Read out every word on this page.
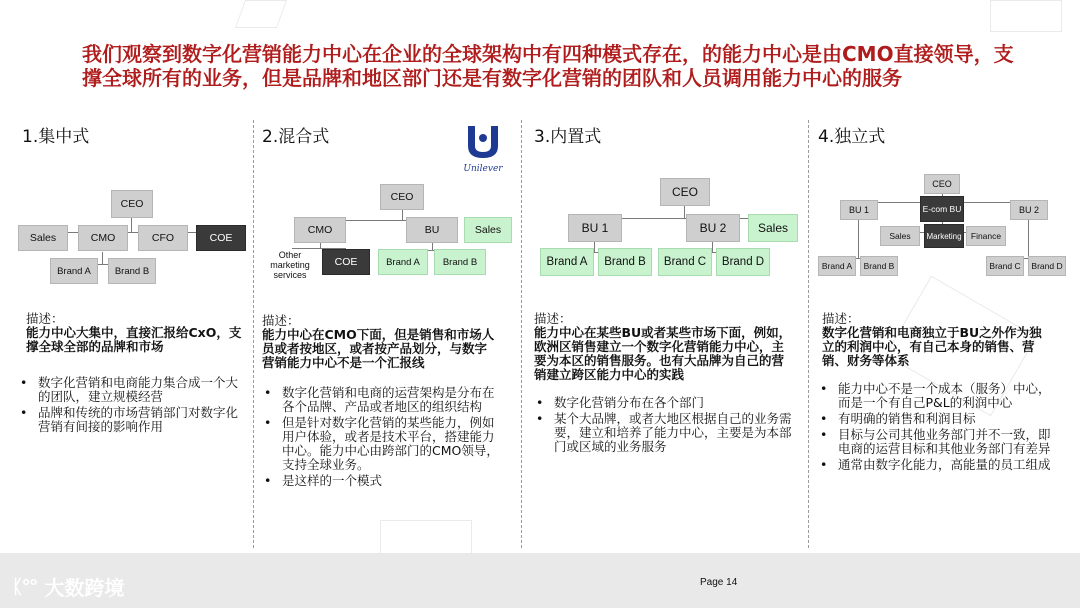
我们观察到数字化营销能力中心在企业的全球架构中有四种模式存在，的能力中心是由CMO直接领导，支撑全球所有的业务，但是品牌和地区部门还是有数字化营销的团队和人员调用能力中心的服务
1.集中式
CEO
Sales	CMO	CFO	COE
Brand A	Brand B
描述：
能力中心大集中，直接汇报给CxO，支撑全球全部的品牌和市场
• 数字化营销和电商能力集合成一个大的团队，建立规模经营
• 品牌和传统的市场营销部门对数字化营销有间接的影响作用
Unilever
2.混合式
CEO
CMO	BU	Sales
Other marketing services
COE	Brand A	Brand B
描述：
能力中心在CMO下面，但是销售和市场人员或者按地区，或者按产品划分，与数字营销能力中心不是一个汇报线
• 数字化营销和电商的运营架构是分布在各个品牌、产品或者地区的组织结构
• 但是针对数字化营销的某些能力，例如用户体验，或者是技术平台，搭建能力中心。能力中心由跨部门的CMO领导，支持全球业务。
• 是这样的一个模式
3.内置式
CEO
BU 1	BU 2	Sales
Brand A	Brand B	Brand C	Brand D
描述：
能力中心在某些BU或者某些市场下面，例如，欧洲区销售建立一个数字化营销能力中心，主要为本区的销售服务。也有大品牌为自己的营销建立跨区能力中心的实践
• 数字化营销分布在各个部门
• 某个大品牌，或者大地区根据自己的业务需要，建立和培养了能力中心，主要是为本部门或区域的业务服务
4.独立式
CEO
BU 1	E-com BU	BU 2
Sales	Marketing	Finance
Brand A	Brand B	Brand C	Brand D
描述：
数字化营销和电商独立于BU之外作为独立的利润中心，有自己本身的销售、营销、财务等体系
• 能力中心不是一个成本（服务）中心，而是一个有自己P&L的利润中心
• 有明确的销售和利润目标
• 目标与公司其他业务部门并不一致，即电商的运营目标和其他业务部门有差异
• 通常由数字化能力，高能量的员工组成
ᛕ°° 大数跨境	Page 14
